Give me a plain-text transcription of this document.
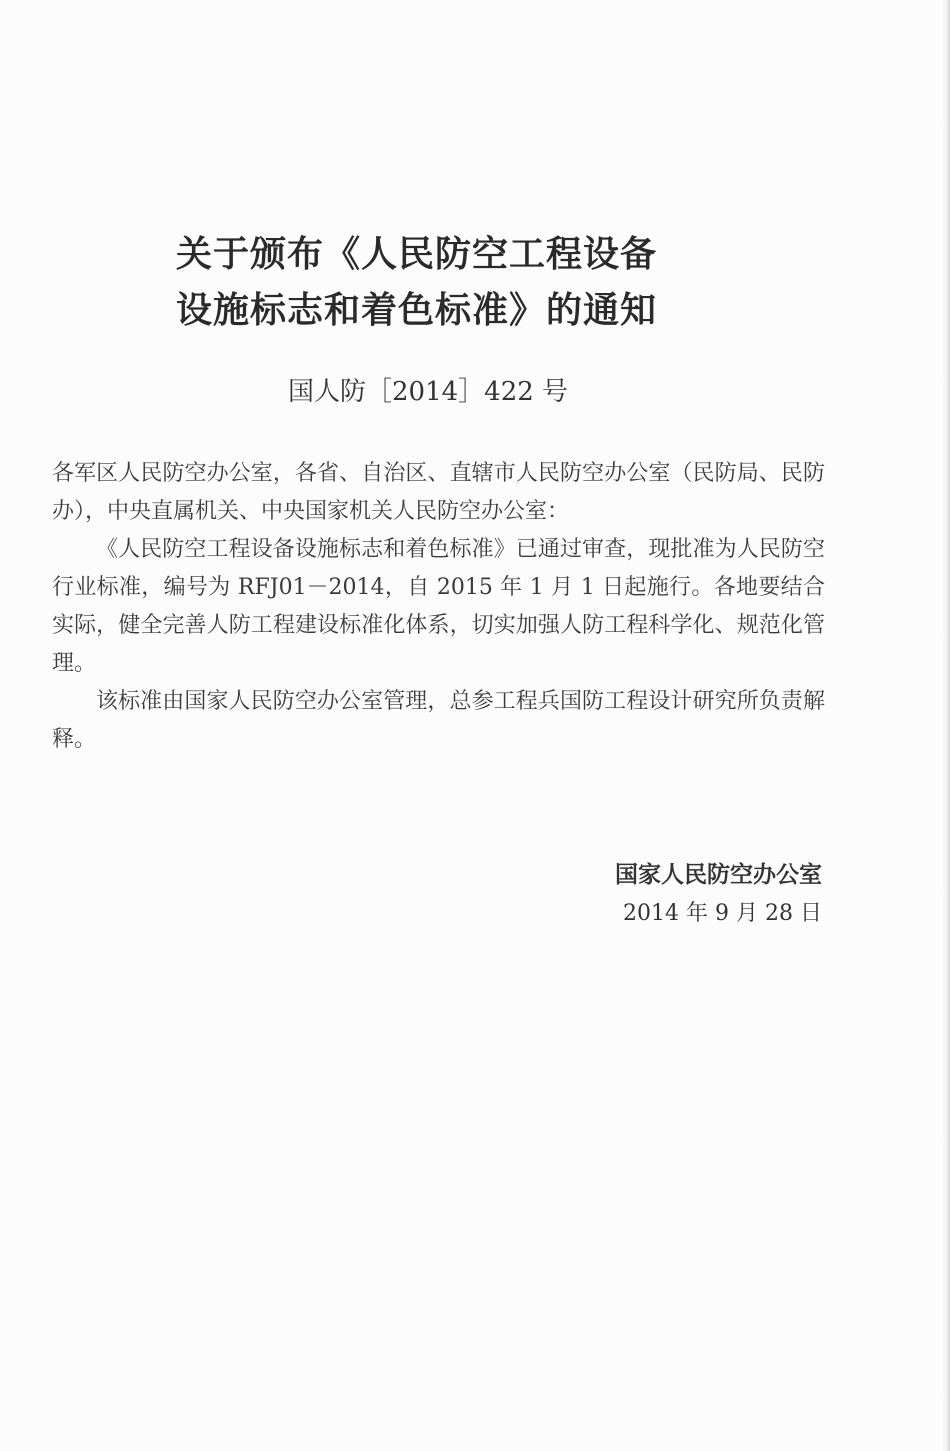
关于颁布《人民防空工程设备
设施标志和着色标准》的通知
国人防［2014］422 号

各军区人民防空办公室，各省、自治区、直辖市人民防空办公室（民防局、民防办），中央直属机关、中央国家机关人民防空办公室：

《人民防空工程设备设施标志和着色标准》已通过审查，现批准为人民防空行业标准，编号为 RFJ01－2014，自 2015 年 1 月 1 日起施行。各地要结合实际，健全完善人防工程建设标准化体系，切实加强人防工程科学化、规范化管理。

该标准由国家人民防空办公室管理，总参工程兵国防工程设计研究所负责解释。

国家人民防空办公室
2014 年 9 月 28 日
